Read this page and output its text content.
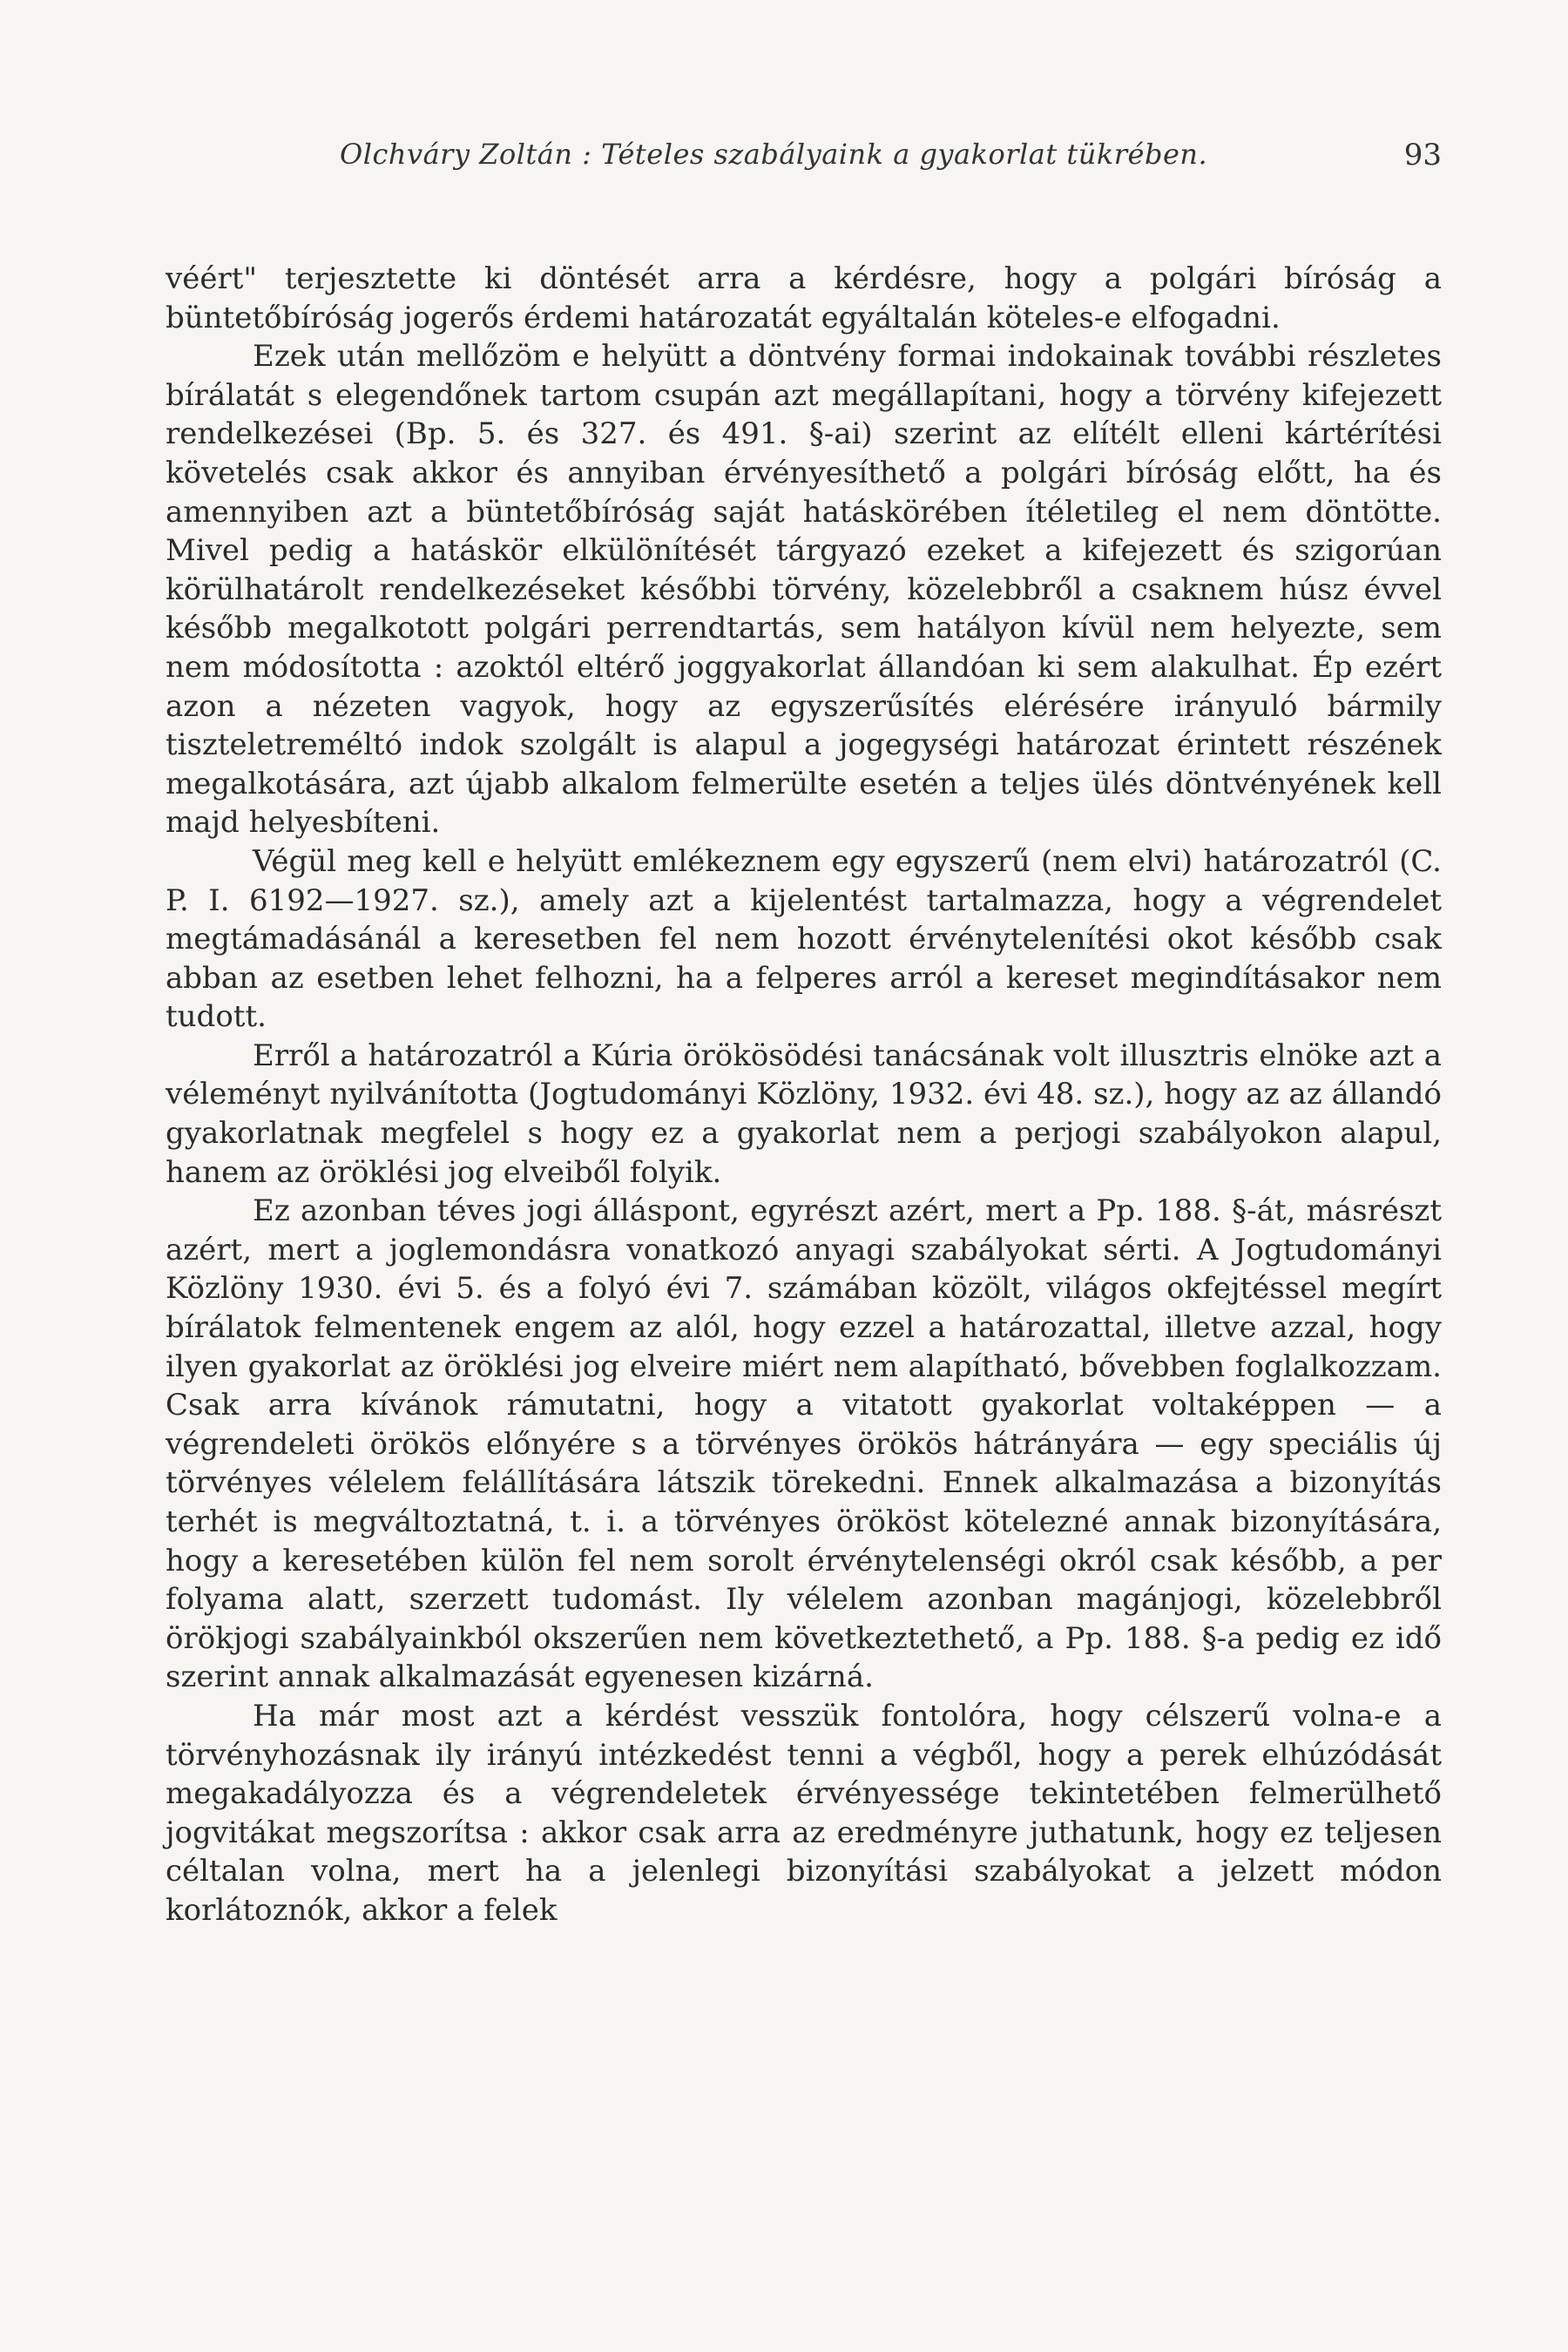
Olchváry Zoltán : Tételes szabályaink a gyakorlat tükrében.	93

véért" terjesztette ki döntését arra a kérdésre, hogy a polgári bíróság a büntetőbíróság jogerős érdemi határozatát egyáltalán köteles-e elfogadni.

Ezek után mellőzöm e helyütt a döntvény formai indokainak további részletes bírálatát s elegendőnek tartom csupán azt megállapítani, hogy a törvény kifejezett rendelkezései (Bp. 5. és 327. és 491. §-ai) szerint az elítélt elleni kártérítési követelés csak akkor és annyiban érvényesíthető a polgári bíróság előtt, ha és amennyiben azt a büntetőbíróság saját hatáskörében ítéletileg el nem döntötte. Mivel pedig a hatáskör elkülönítését tárgyazó ezeket a kifejezett és szigorúan körülhatárolt rendelkezéseket későbbi törvény, közelebbről a csaknem húsz évvel később megalkotott polgári perrendtartás, sem hatályon kívül nem helyezte, sem nem módosította : azoktól eltérő joggyakorlat állandóan ki sem alakulhat. Ép ezért azon a nézeten vagyok, hogy az egyszerűsítés elérésére irányuló bármily tiszteletreméltó indok szolgált is alapul a jogegységi határozat érintett részének megalkotására, azt újabb alkalom felmerülte esetén a teljes ülés döntvényének kell majd helyesbíteni.

Végül meg kell e helyütt emlékeznem egy egyszerű (nem elvi) határozatról (C. P. I. 6192—1927. sz.), amely azt a kijelentést tartalmazza, hogy a végrendelet megtámadásánál a keresetben fel nem hozott érvénytelenítési okot később csak abban az esetben lehet felhozni, ha a felperes arról a kereset megindításakor nem tudott.

Erről a határozatról a Kúria örökösödési tanácsának volt illusztris elnöke azt a véleményt nyilvánította (Jogtudományi Közlöny, 1932. évi 48. sz.), hogy az az állandó gyakorlatnak megfelel s hogy ez a gyakorlat nem a perjogi szabályokon alapul, hanem az öröklési jog elveiből folyik.

Ez azonban téves jogi álláspont, egyrészt azért, mert a Pp. 188. §-át, másrészt azért, mert a joglemondásra vonatkozó anyagi szabályokat sérti. A Jogtudományi Közlöny 1930. évi 5. és a folyó évi 7. számában közölt, világos okfejtéssel megírt bírálatok felmentenek engem az alól, hogy ezzel a határozattal, illetve azzal, hogy ilyen gyakorlat az öröklési jog elveire miért nem alapítható, bővebben foglalkozzam. Csak arra kívánok rámutatni, hogy a vitatott gyakorlat voltaképpen — a végrendeleti örökös előnyére s a törvényes örökös hátrányára — egy speciális új törvényes vélelem felállítására látszik törekedni. Ennek alkalmazása a bizonyítás terhét is megváltoztatná, t. i. a törvényes örököst kötelezné annak bizonyítására, hogy a keresetében külön fel nem sorolt érvénytelenségi okról csak később, a per folyama alatt, szerzett tudomást. Ily vélelem azonban magánjogi, közelebbről örökjogi szabályainkból okszerűen nem következtethető, a Pp. 188. §-a pedig ez idő szerint annak alkalmazását egyenesen kizárná.

Ha már most azt a kérdést vesszük fontolóra, hogy célszerű volna-e a törvényhozásnak ily irányú intézkedést tenni a végből, hogy a perek elhúzódását megakadályozza és a végrendeletek érvényessége tekintetében felmerülhető jogvitákat megszorítsa : akkor csak arra az eredményre juthatunk, hogy ez teljesen céltalan volna, mert ha a jelenlegi bizonyítási szabályokat a jelzett módon korlátoznók, akkor a felek
